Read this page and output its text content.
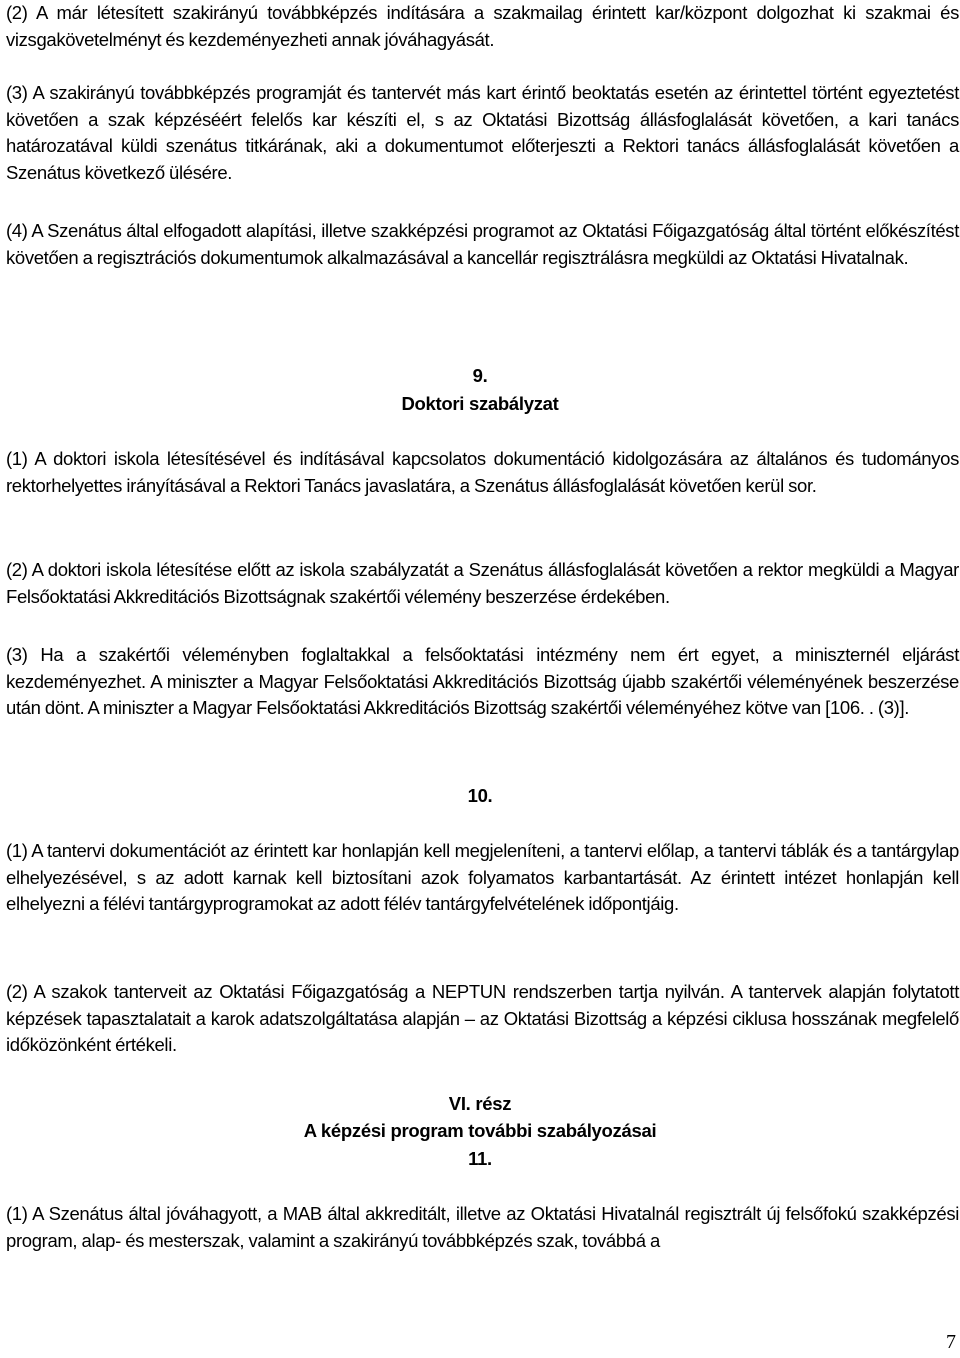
(2) A már létesített szakirányú továbbképzés indítására a szakmailag érintett kar/központ dolgozhat ki szakmai és vizsgakövetelményt és kezdeményezheti annak jóváhagyását.

(3) A szakirányú továbbképzés programját és tantervét más kart érintő beoktatás esetén az érintettel történt egyeztetést követően a szak képzéséért felelős kar készíti el, s az Oktatási Bizottság állásfoglalását követően, a kari tanács határozatával küldi szenátus titkárának, aki a dokumentumot előterjeszti a Rektori tanács állásfoglalását követően a Szenátus következő ülésére.

(4) A Szenátus által elfogadott alapítási, illetve szakképzési programot az Oktatási Főigazgatóság által történt előkészítést követően a regisztrációs dokumentumok alkalmazásával a kancellár regisztrálásra megküldi az Oktatási Hivatalnak.

9.

Doktori szabályzat

(1) A doktori iskola létesítésével és indításával kapcsolatos dokumentáció kidolgozására az általános és tudományos rektorhelyettes irányításával a Rektori Tanács javaslatára, a Szenátus állásfoglalását követően kerül sor.

(2) A doktori iskola létesítése előtt az iskola szabályzatát a Szenátus állásfoglalását követően a rektor megküldi a Magyar Felsőoktatási Akkreditációs Bizottságnak szakértői vélemény beszerzése érdekében.

(3) Ha a szakértői véleményben foglaltakkal a felsőoktatási intézmény nem ért egyet, a miniszternél eljárást kezdeményezhet. A miniszter a Magyar Felsőoktatási Akkreditációs Bizottság újabb szakértői véleményének beszerzése után dönt. A miniszter a Magyar Felsőoktatási Akkreditációs Bizottság szakértői véleményéhez kötve van [106. . (3)].

10.

(1) A tantervi dokumentációt az érintett kar honlapján kell megjeleníteni, a tantervi előlap, a tantervi táblák és a tantárgylap elhelyezésével, s az adott karnak kell biztosítani azok folyamatos karbantartását. Az érintett intézet honlapján kell elhelyezni a félévi tantárgyprogramokat az adott félév tantárgyfelvételének időpontjáig.

(2) A szakok tanterveit az Oktatási Főigazgatóság a NEPTUN rendszerben tartja nyilván. A tantervek alapján folytatott képzések tapasztalatait a karok adatszolgáltatása alapján – az Oktatási Bizottság a képzési ciklusa hosszának megfelelő időközönként értékeli.

VI. rész

A képzési program további szabályozásai

11.

(1) A Szenátus által jóváhagyott, a MAB által akkreditált, illetve az Oktatási Hivatalnál regisztrált új felsőfokú szakképzési program, alap- és mesterszak, valamint a szakirányú továbbképzés szak, továbbá a

7
